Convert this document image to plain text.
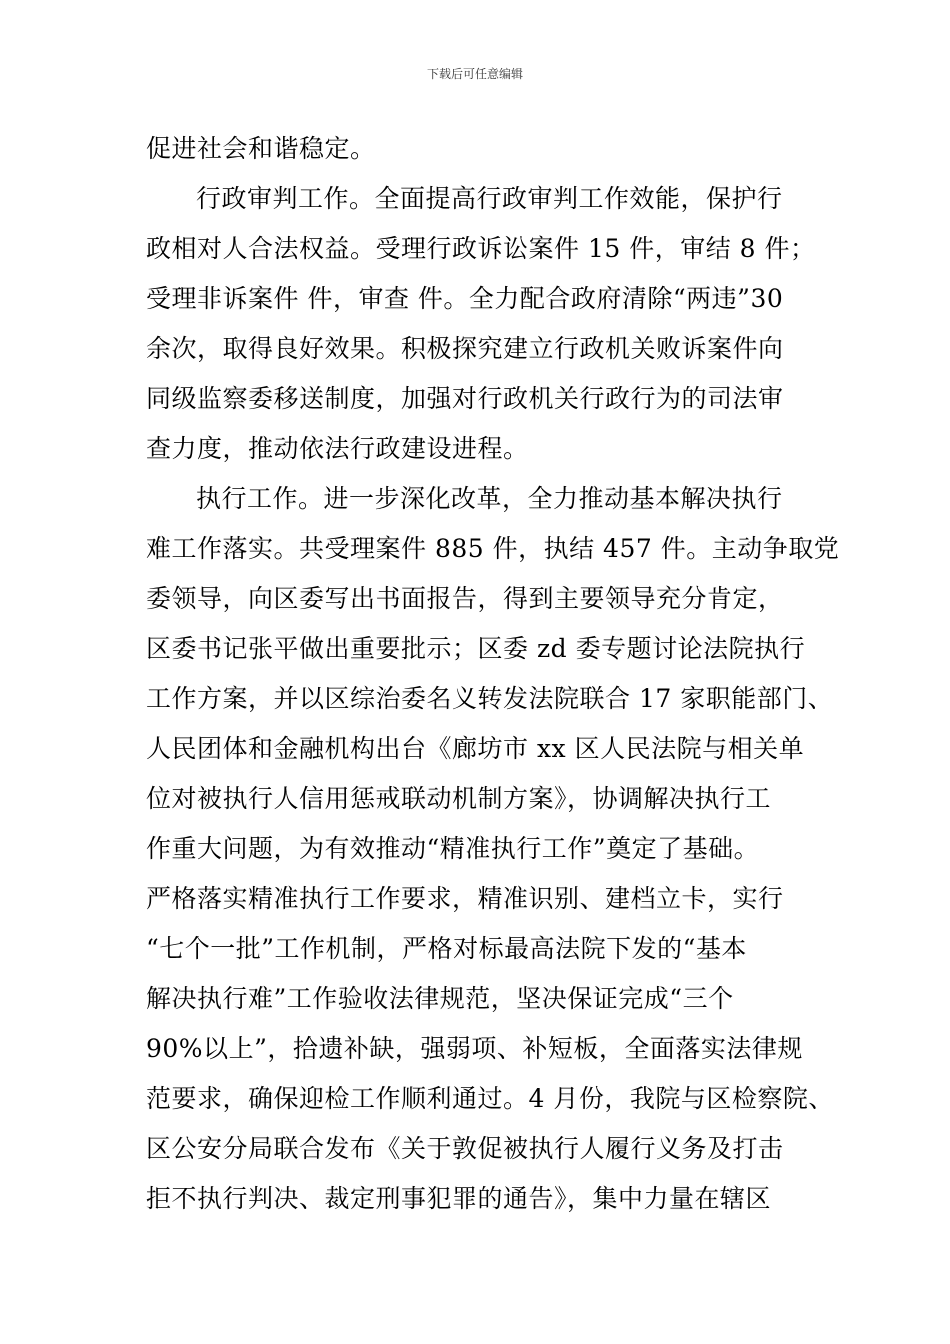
下载后可任意编辑
促进社会和谐稳定。
行政审判工作。全面提高行政审判工作效能，保护行
政相对人合法权益。受理行政诉讼案件 15 件，审结 8 件；
受理非诉案件 件，审查 件。全力配合政府清除“两违”30
余次，取得良好效果。积极探究建立行政机关败诉案件向
同级监察委移送制度，加强对行政机关行政行为的司法审
查力度，推动依法行政建设进程。
执行工作。进一步深化改革，全力推动基本解决执行
难工作落实。共受理案件 885 件，执结 457 件。主动争取党
委领导，向区委写出书面报告，得到主要领导充分肯定，
区委书记张平做出重要批示；区委 zd 委专题讨论法院执行
工作方案，并以区综治委名义转发法院联合 17 家职能部门、
人民团体和金融机构出台《廊坊市 xx 区人民法院与相关单
位对被执行人信用惩戒联动机制方案》，协调解决执行工
作重大问题，为有效推动“精准执行工作”奠定了基础。
严格落实精准执行工作要求，精准识别、建档立卡，实行
“七个一批”工作机制，严格对标最高法院下发的“基本
解决执行难”工作验收法律规范，坚决保证完成“三个
90%以上”，拾遗补缺，强弱项、补短板，全面落实法律规
范要求，确保迎检工作顺利通过。4 月份，我院与区检察院、
区公安分局联合发布《关于敦促被执行人履行义务及打击
拒不执行判决、裁定刑事犯罪的通告》，集中力量在辖区
